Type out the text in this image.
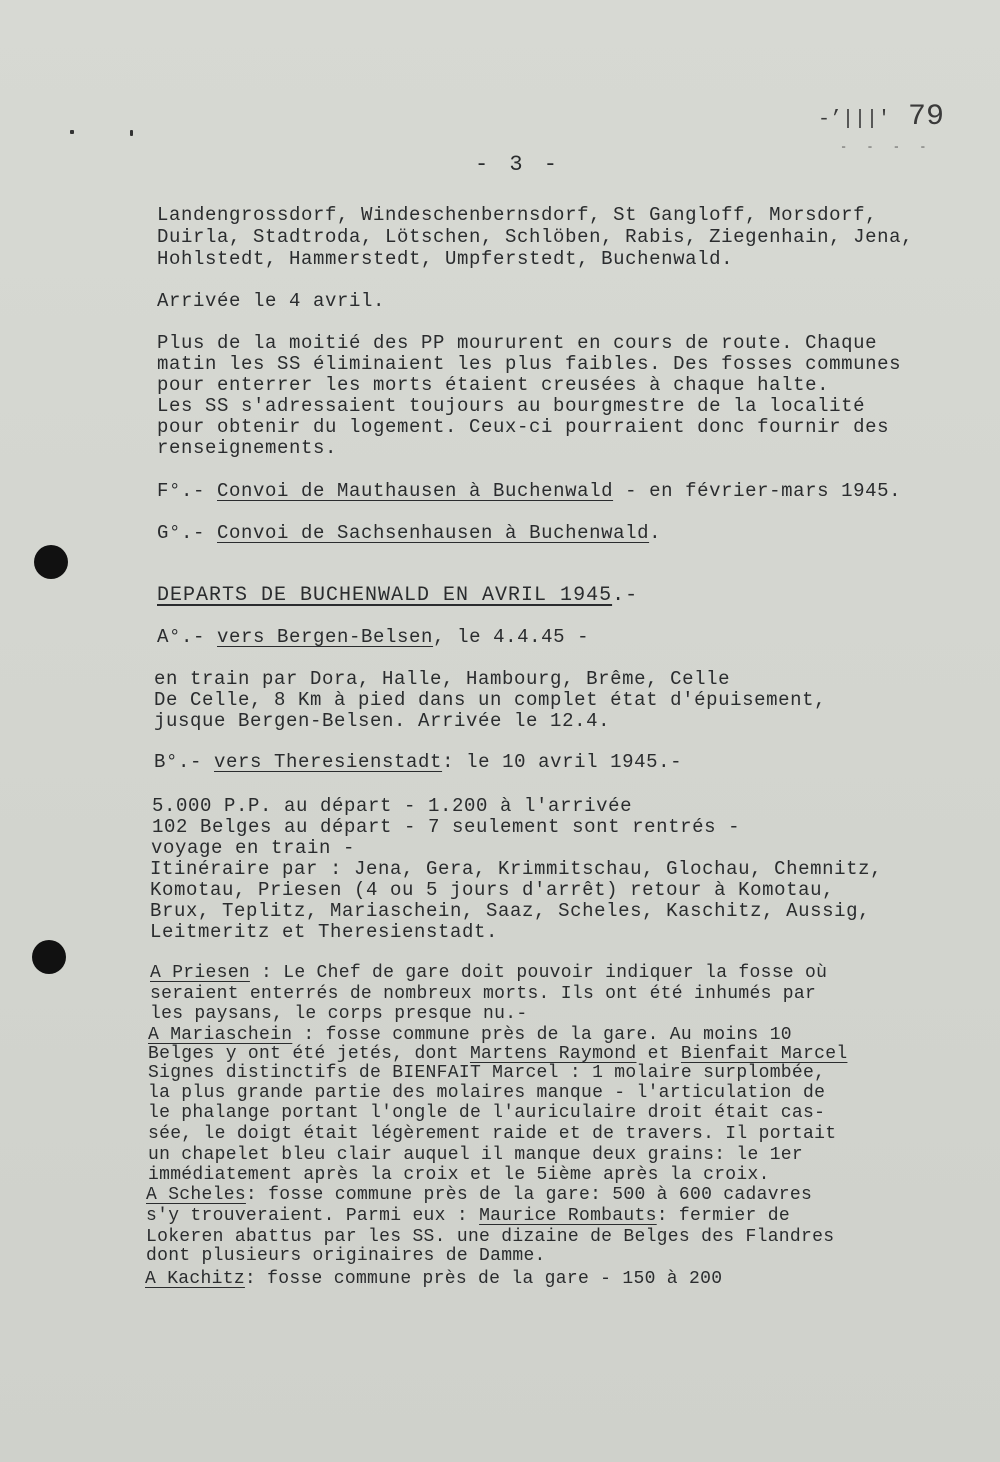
-’|||' 79
- - - -
- 3 -
Landengrossdorf, Windeschenbernsdorf, St Gangloff, Morsdorf,
Duirla, Stadtroda, Lötschen, Schlöben, Rabis, Ziegenhain, Jena,
Hohlstedt, Hammerstedt, Umpferstedt, Buchenwald.
Arrivée le 4 avril.
Plus de la moitié des PP moururent en cours de route. Chaque
matin les SS éliminaient les plus faibles. Des fosses communes
pour enterrer les morts étaient creusées à chaque halte.
Les SS s'adressaient toujours au bourgmestre de la localité
pour obtenir du logement. Ceux-ci pourraient donc fournir des
renseignements.
F°.- Convoi de Mauthausen à Buchenwald - en février-mars 1945.
G°.- Convoi de Sachsenhausen à Buchenwald.
DEPARTS DE BUCHENWALD EN AVRIL 1945.-
A°.- vers Bergen-Belsen, le 4.4.45 -
en train par Dora, Halle, Hambourg, Brême, Celle
De Celle, 8 Km à pied dans un complet état d'épuisement,
jusque Bergen-Belsen. Arrivée le 12.4.
B°.- vers Theresienstadt: le 10 avril 1945.-
5.000 P.P. au départ - 1.200 à l'arrivée
102 Belges au départ - 7 seulement sont rentrés -
voyage en train -
Itinéraire par : Jena, Gera, Krimmitschau, Glochau, Chemnitz,
Komotau, Priesen (4 ou 5 jours d'arrêt) retour à Komotau,
Brux, Teplitz, Mariaschein, Saaz, Scheles, Kaschitz, Aussig,
Leitmeritz et Theresienstadt.
A Priesen : Le Chef de gare doit pouvoir indiquer la fosse où
seraient enterrés de nombreux morts. Ils ont été inhumés par
les paysans, le corps presque nu.-
A Mariaschein : fosse commune près de la gare. Au moins 10
Belges y ont été jetés, dont Martens Raymond et Bienfait Marcel
Signes distinctifs de BIENFAIT Marcel : 1 molaire surplombée,
la plus grande partie des molaires manque - l'articulation de
le phalange portant l'ongle de l'auriculaire droit était cas-
sée, le doigt était légèrement raide et de travers. Il portait
un chapelet bleu clair auquel il manque deux grains: le 1er
immédiatement après la croix et le 5ième après la croix.
A Scheles: fosse commune près de la gare: 500 à 600 cadavres
s'y trouveraient. Parmi eux : Maurice Rombauts: fermier de
Lokeren abattus par les SS. une dizaine de Belges des Flandres
dont plusieurs originaires de Damme.
A Kachitz: fosse commune près de la gare - 150 à 200
